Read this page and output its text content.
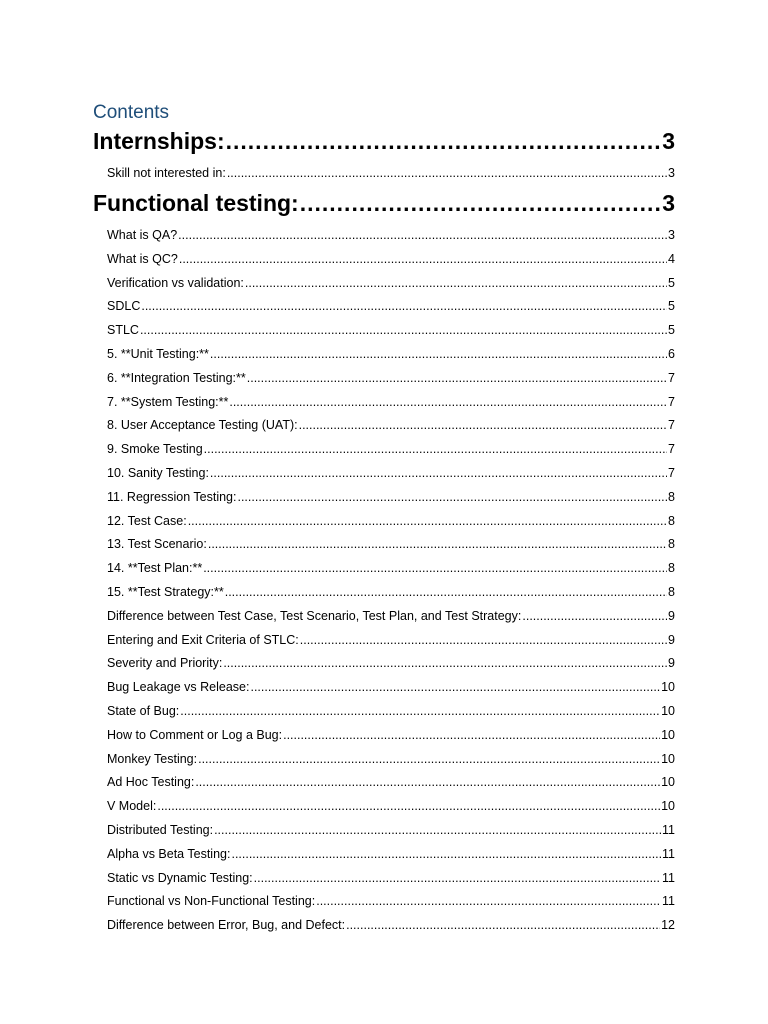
Contents
Internships: .....	3
Skill not interested in: .....	3
Functional testing: .....	3
What is QA? .....	3
What is QC? .....	4
Verification vs validation: .....	5
SDLC .....	5
STLC .....	5
5. **Unit Testing:** .....	6
6. **Integration Testing:** .....	7
7. **System Testing:** .....	7
8. User Acceptance Testing (UAT): .....	7
9. Smoke Testing .....	7
10. Sanity Testing: .....	7
11. Regression Testing: .....	8
12. Test Case: .....	8
13. Test Scenario: .....	8
14. **Test Plan:** .....	8
15. **Test Strategy:** .....	8
Difference between Test Case, Test Scenario, Test Plan, and Test Strategy: .....	9
Entering and Exit Criteria of STLC: .....	9
Severity and Priority: .....	9
Bug Leakage vs Release: .....	10
State of Bug: .....	10
How to Comment or Log a Bug: .....	10
Monkey Testing: .....	10
Ad Hoc Testing: .....	10
V Model: .....	10
Distributed Testing: .....	11
Alpha vs Beta Testing: .....	11
Static vs Dynamic Testing: .....	11
Functional vs Non-Functional Testing: .....	11
Difference between Error, Bug, and Defect: .....	12
